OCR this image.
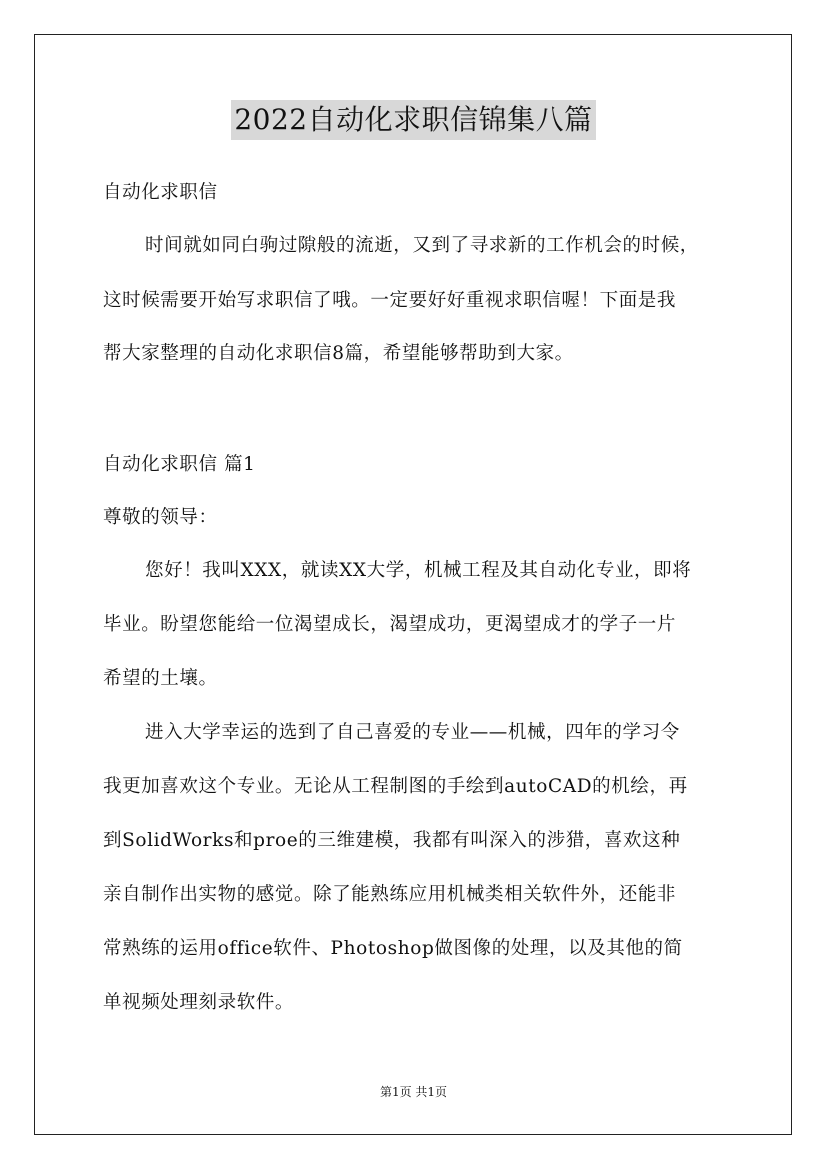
2022自动化求职信锦集八篇
自动化求职信
时间就如同白驹过隙般的流逝，又到了寻求新的工作机会的时候，
这时候需要开始写求职信了哦。一定要好好重视求职信喔！下面是我
帮大家整理的自动化求职信8篇，希望能够帮助到大家。
自动化求职信 篇1
尊敬的领导：
您好！我叫XXX，就读XX大学，机械工程及其自动化专业，即将
毕业。盼望您能给一位渴望成长，渴望成功，更渴望成才的学子一片
希望的土壤。
进入大学幸运的选到了自己喜爱的专业——机械，四年的学习令
我更加喜欢这个专业。无论从工程制图的手绘到autoCAD的机绘，再
到SolidWorks和proe的三维建模，我都有叫深入的涉猎，喜欢这种
亲自制作出实物的感觉。除了能熟练应用机械类相关软件外，还能非
常熟练的运用office软件、Photoshop做图像的处理，以及其他的简
单视频处理刻录软件。
第1页 共1页
